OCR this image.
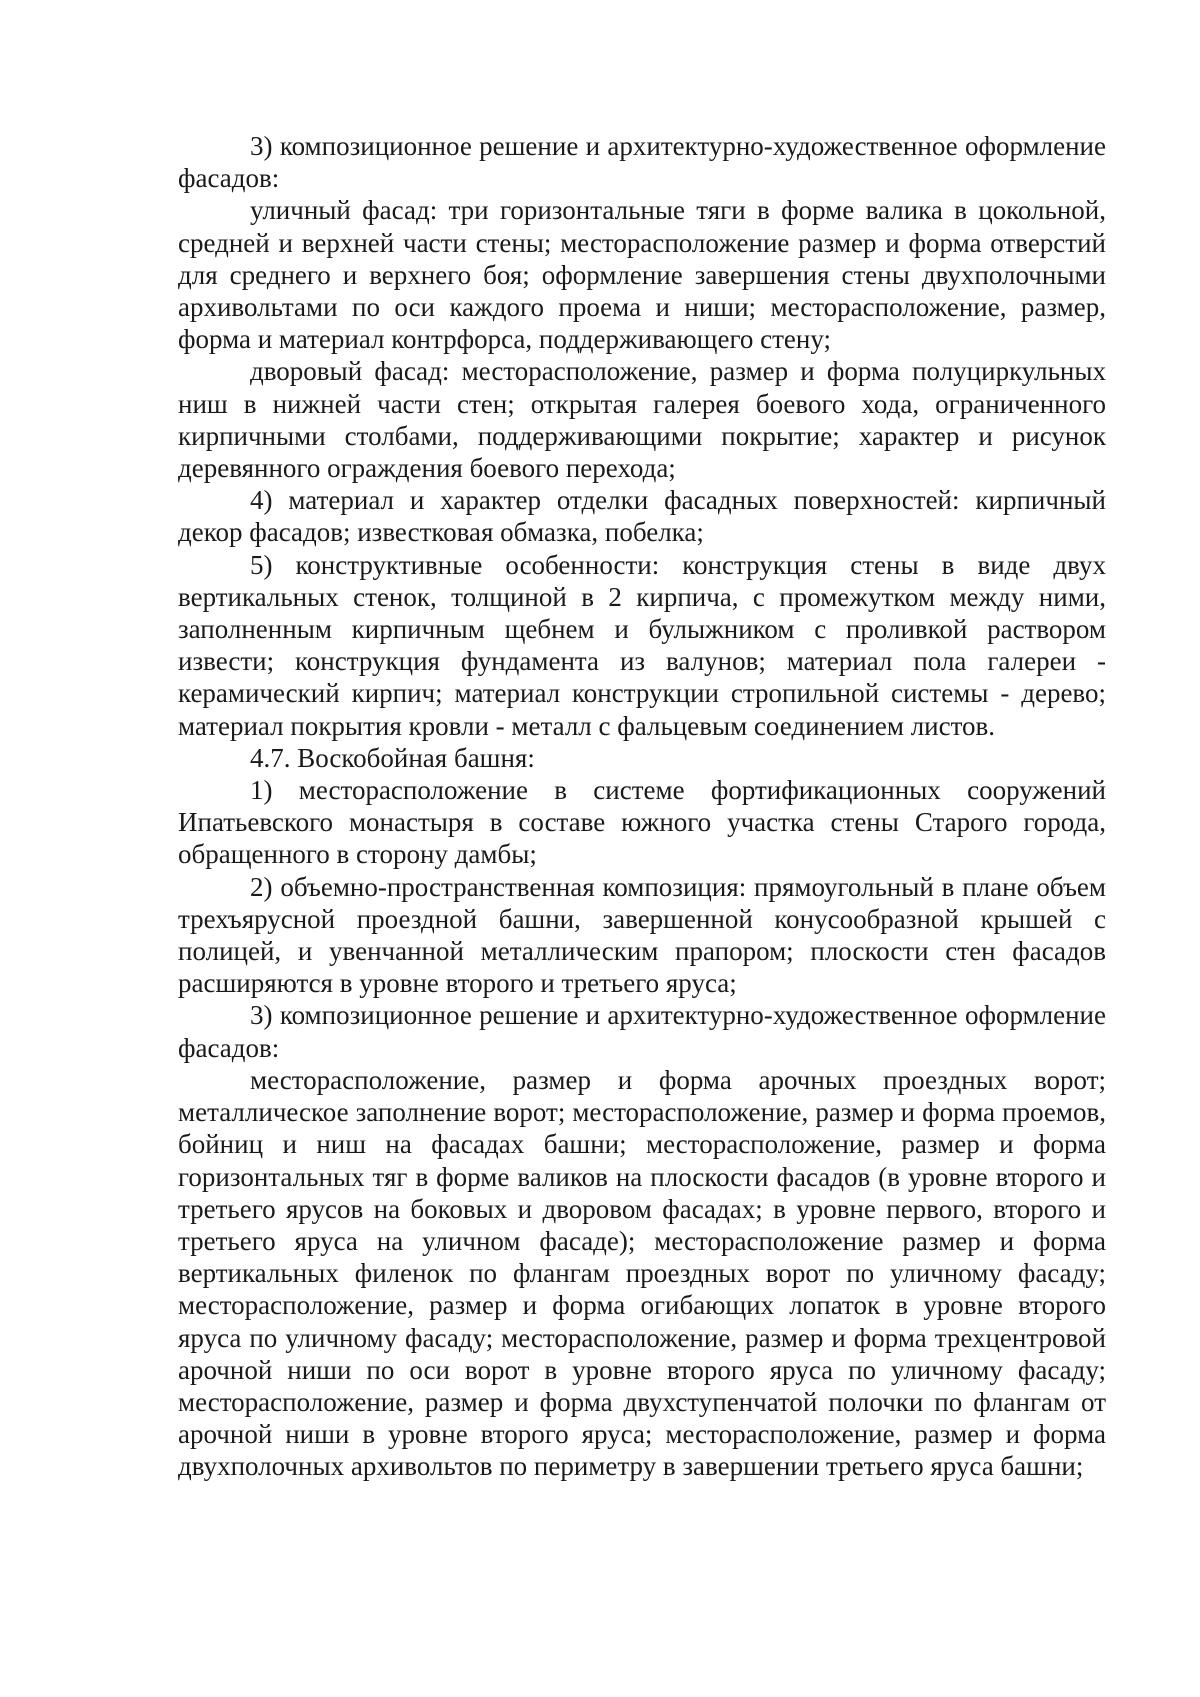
3) композиционное решение и архитектурно-художественное оформление фасадов:

уличный фасад: три горизонтальные тяги в форме валика в цокольной, средней и верхней части стены; месторасположение размер и форма отверстий для среднего и верхнего боя; оформление завершения стены двухполочными архивольтами по оси каждого проема и ниши; месторасположение, размер, форма и материал контрфорса, поддерживающего стену;

дворовый фасад: месторасположение, размер и форма полуциркульных ниш в нижней части стен; открытая галерея боевого хода, ограниченного кирпичными столбами, поддерживающими покрытие; характер и рисунок деревянного ограждения боевого перехода;

4) материал и характер отделки фасадных поверхностей: кирпичный декор фасадов; известковая обмазка, побелка;

5) конструктивные особенности: конструкция стены в виде двух вертикальных стенок, толщиной в 2 кирпича, с промежутком между ними, заполненным кирпичным щебнем и булыжником с проливкой раствором извести; конструкция фундамента из валунов; материал пола галереи - керамический кирпич; материал конструкции стропильной системы - дерево; материал покрытия кровли - металл с фальцевым соединением листов.

4.7. Воскобойная башня:

1) месторасположение в системе фортификационных сооружений Ипатьевского монастыря в составе южного участка стены Старого города, обращенного в сторону дамбы;

2) объемно-пространственная композиция: прямоугольный в плане объем трехъярусной проездной башни, завершенной конусообразной крышей с полицей, и увенчанной металлическим прапором; плоскости стен фасадов расширяются в уровне второго и третьего яруса;

3) композиционное решение и архитектурно-художественное оформление фасадов:

месторасположение, размер и форма арочных проездных ворот; металлическое заполнение ворот; месторасположение, размер и форма проемов, бойниц и ниш на фасадах башни; месторасположение, размер и форма горизонтальных тяг в форме валиков на плоскости фасадов (в уровне второго и третьего ярусов на боковых и дворовом фасадах; в уровне первого, второго и третьего яруса на уличном фасаде); месторасположение размер и форма вертикальных филенок по флангам проездных ворот по уличному фасаду; месторасположение, размер и форма огибающих лопаток в уровне второго яруса по уличному фасаду; месторасположение, размер и форма трехцентровой арочной ниши по оси ворот в уровне второго яруса по уличному фасаду; месторасположение, размер и форма двухступенчатой полочки по флангам от арочной ниши в уровне второго яруса; месторасположение, размер и форма двухполочных архивольтов по периметру в завершении третьего яруса башни;
